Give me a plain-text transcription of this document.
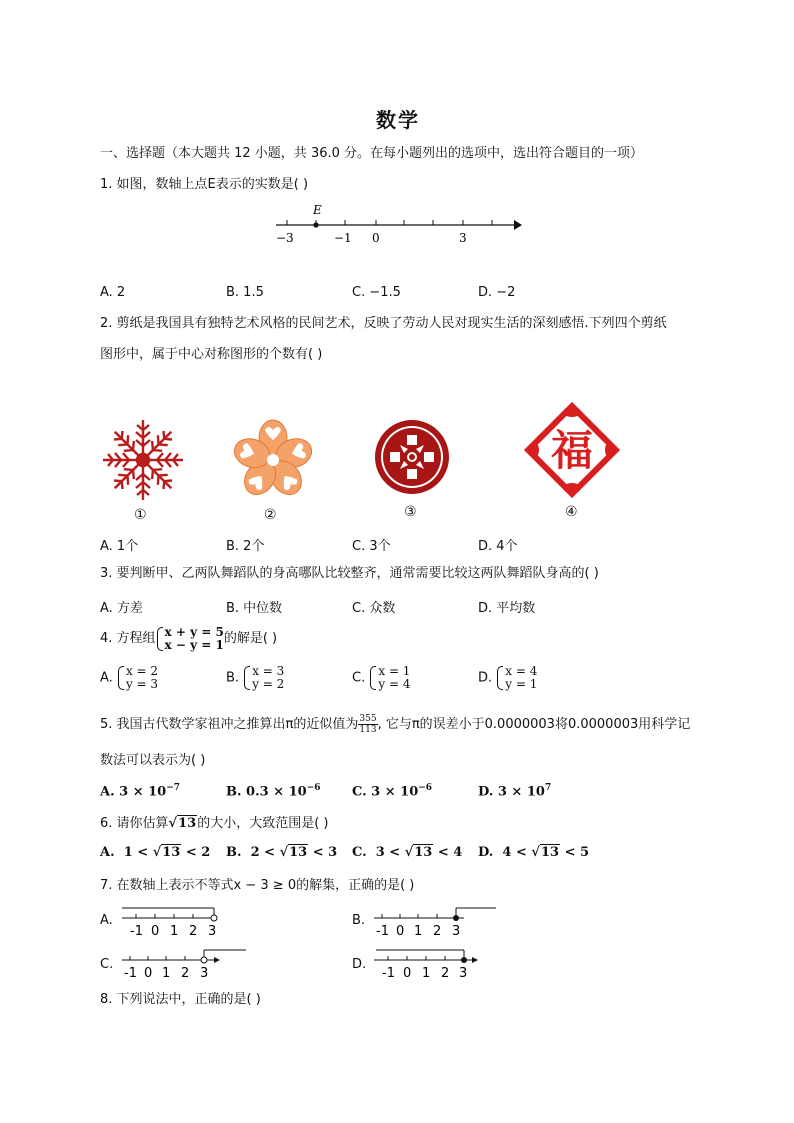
数学
一、选择题（本大题共 12 小题，共 36.0 分。在每小题列出的选项中，选出符合题目的一项）
1. 如图，数轴上点E表示的实数是( )
E
−3	−1 0	3
A. 2	B. 1.5	C. −1.5	D. −2
2. 剪纸是我国具有独特艺术风格的民间艺术，反映了劳动人民对现实生活的深刻感悟.下列四个剪纸
图形中，属于中心对称图形的个数有( )
福
①	②	③	④
A. 1个	B. 2个	C. 3个	D. 4个
3. 要判断甲、乙两队舞蹈队的身高哪队比较整齐，通常需要比较这两队舞蹈队身高的( )
A. 方差	B. 中位数	C. 众数	D. 平均数
4. 方程组 x + y = 5
x − y = 1 的解是( )
A. x = 2
y = 3	B. x = 3
y = 2	C. x = 1
y = 4	D. x = 4
y = 1
5. 我国古代数学家祖冲之推算出π的近似值为 $\frac{355}{113}$ , 它与π的误差小于0.0000003将0.0000003用科学记
数法可以表示为( )
A. $3 \times 10^{-7}$	B. $0.3 \times 10^{-6}$ C. $3 \times 10^{-6}$	D. $3 \times 10^7$
6. 请你估算√13的大小，大致范围是( )
A. 1 < √13 < 2 B. 2 < √13 < 3 C. 3 < √13 < 4 D. 4 < √13 < 5
7. 在数轴上表示不等式x − 3 ≥ 0的解集，正确的是( )
A.
-1 0 1 2 3
B.
-1 0 1 2 3
C.
-1 0 1 2 3
D.
-1 0 1 2 3
8. 下列说法中，正确的是( )
